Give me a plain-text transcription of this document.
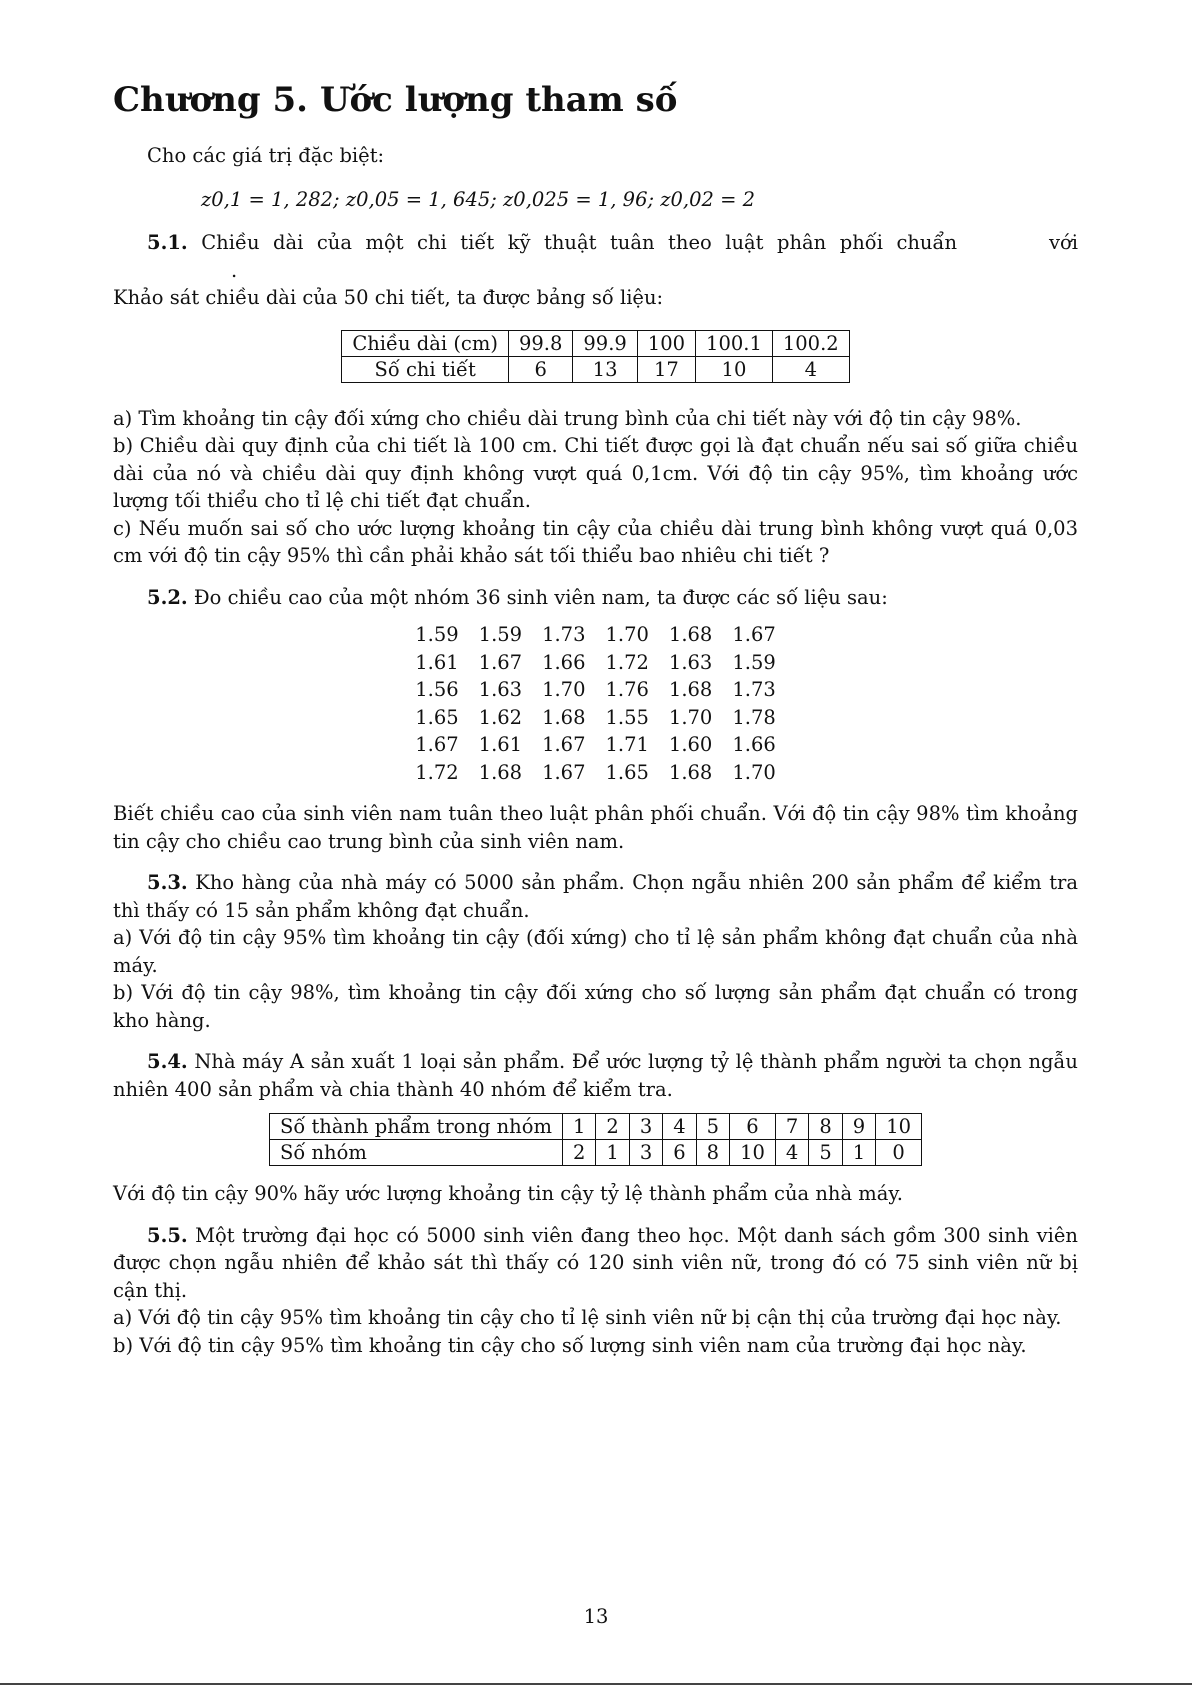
Chương 5. Ước lượng tham số

Cho các giá trị đặc biệt:

z0,1 = 1, 282; z0,05 = 1, 645; z0,025 = 1, 96; z0,02 = 2

5.1. Chiều dài của một chi tiết kỹ thuật tuân theo luật phân phối chuẩn	với.

Khảo sát chiều dài của 50 chi tiết, ta được bảng số liệu:

Chiều dài (cm)	99.8	99.9	100	100.1	100.2
Số chi tiết	6	13	17	10	4

a) Tìm khoảng tin cậy đối xứng cho chiều dài trung bình của chi tiết này với độ tin cậy 98%.

b) Chiều dài quy định của chi tiết là 100 cm. Chi tiết được gọi là đạt chuẩn nếu sai số giữa chiều dài của nó và chiều dài quy định không vượt quá 0,1cm. Với độ tin cậy 95%, tìm khoảng ước lượng tối thiểu cho tỉ lệ chi tiết đạt chuẩn.

c) Nếu muốn sai số cho ước lượng khoảng tin cậy của chiều dài trung bình không vượt quá 0,03 cm với độ tin cậy 95% thì cần phải khảo sát tối thiểu bao nhiêu chi tiết ?

5.2. Đo chiều cao của một nhóm 36 sinh viên nam, ta được các số liệu sau:

1.59	1.59	1.73	1.70	1.68	1.67
1.61	1.67	1.66	1.72	1.63	1.59
1.56	1.63	1.70	1.76	1.68	1.73
1.65	1.62	1.68	1.55	1.70	1.78
1.67	1.61	1.67	1.71	1.60	1.66
1.72	1.68	1.67	1.65	1.68	1.70

Biết chiều cao của sinh viên nam tuân theo luật phân phối chuẩn. Với độ tin cậy 98% tìm khoảng tin cậy cho chiều cao trung bình của sinh viên nam.

5.3. Kho hàng của nhà máy có 5000 sản phẩm. Chọn ngẫu nhiên 200 sản phẩm để kiểm tra thì thấy có 15 sản phẩm không đạt chuẩn.

a) Với độ tin cậy 95% tìm khoảng tin cậy (đối xứng) cho tỉ lệ sản phẩm không đạt chuẩn của nhà máy.

b) Với độ tin cậy 98%, tìm khoảng tin cậy đối xứng cho số lượng sản phẩm đạt chuẩn có trong kho hàng.

5.4. Nhà máy A sản xuất 1 loại sản phẩm. Để ước lượng tỷ lệ thành phẩm người ta chọn ngẫu nhiên 400 sản phẩm và chia thành 40 nhóm để kiểm tra.

Số thành phẩm trong nhóm	1	2	3	4	5	6	7	8	9	10
Số nhóm	2	1	3	6	8	10	4	5	1	0

Với độ tin cậy 90% hãy ước lượng khoảng tin cậy tỷ lệ thành phẩm của nhà máy.

5.5. Một trường đại học có 5000 sinh viên đang theo học. Một danh sách gồm 300 sinh viên được chọn ngẫu nhiên để khảo sát thì thấy có 120 sinh viên nữ, trong đó có 75 sinh viên nữ bị cận thị.

a) Với độ tin cậy 95% tìm khoảng tin cậy cho tỉ lệ sinh viên nữ bị cận thị của trường đại học này.

b) Với độ tin cậy 95% tìm khoảng tin cậy cho số lượng sinh viên nam của trường đại học này.

13
